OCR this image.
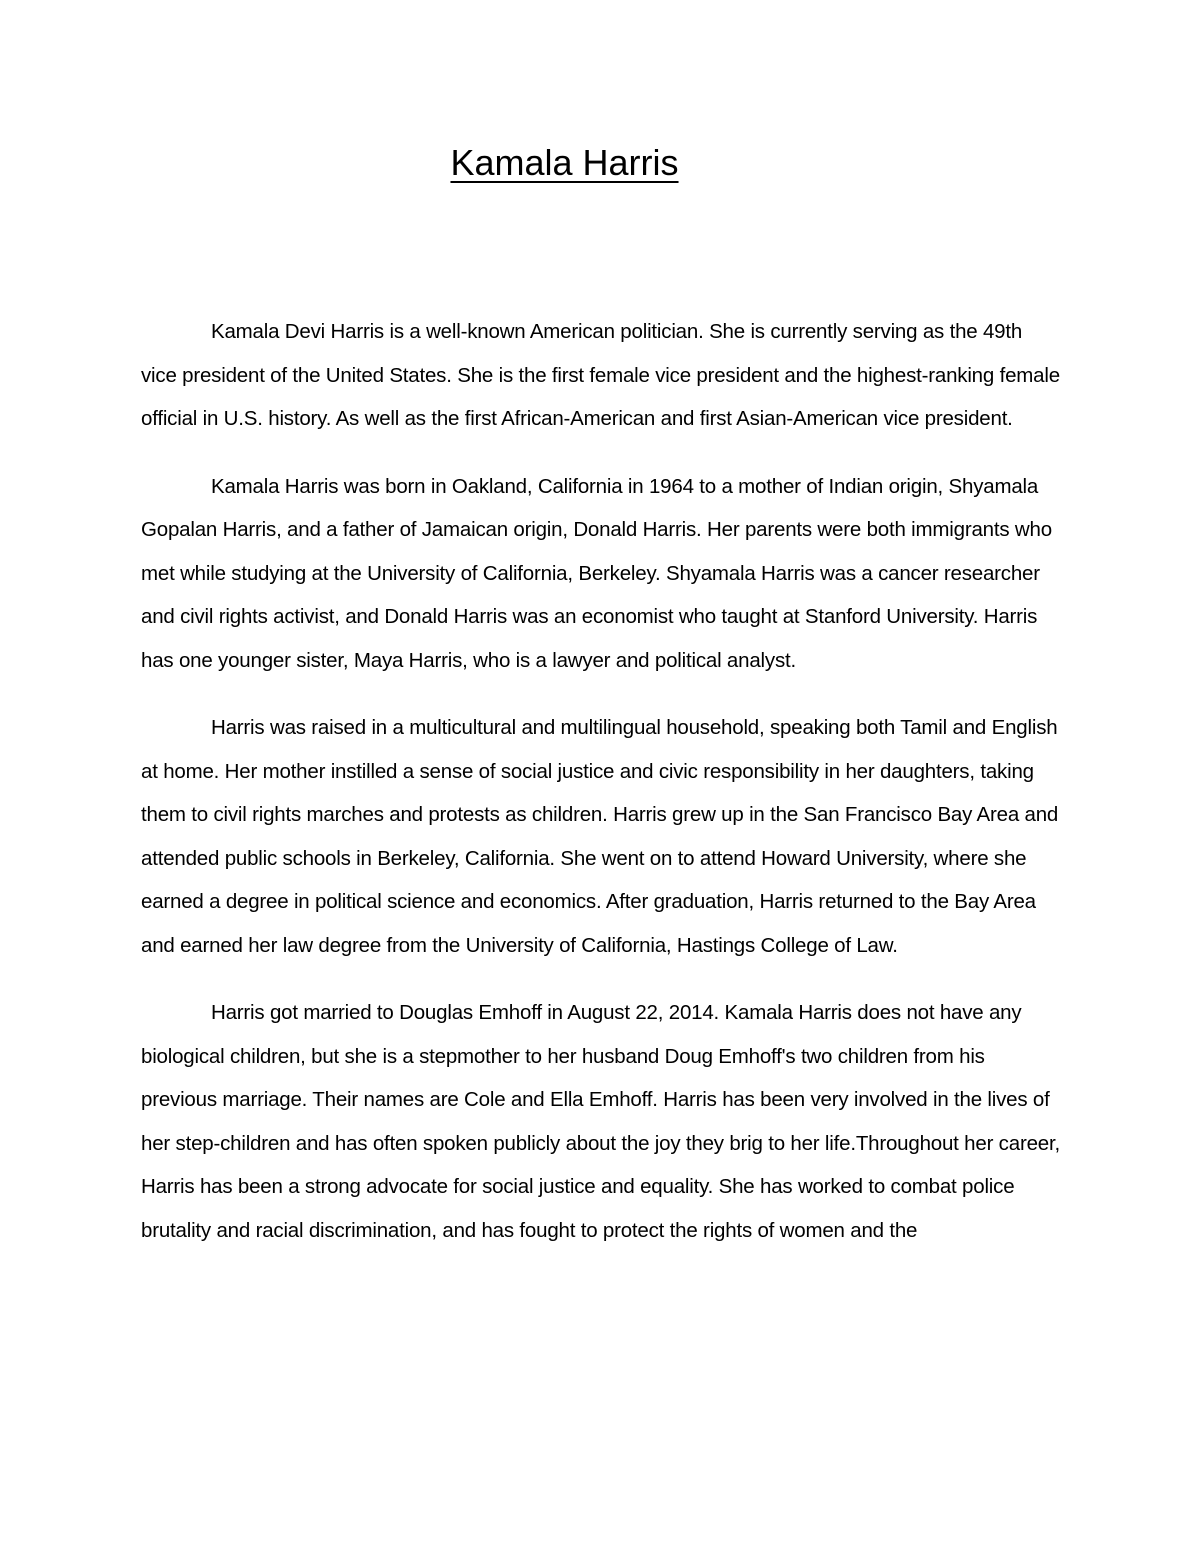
Kamala Harris

Kamala Devi Harris is a well-known American politician. She is currently serving as the 49th vice president of the United States. She is the first female vice president and the highest-ranking female official in U.S. history. As well as the first African-American and first Asian-American vice president.

Kamala Harris was born in Oakland, California in 1964 to a mother of Indian origin, Shyamala Gopalan Harris, and a father of Jamaican origin, Donald Harris. Her parents were both immigrants who met while studying at the University of California, Berkeley. Shyamala Harris was a cancer researcher and civil rights activist, and Donald Harris was an economist who taught at Stanford University. Harris has one younger sister, Maya Harris, who is a lawyer and political analyst.

Harris was raised in a multicultural and multilingual household, speaking both Tamil and English at home. Her mother instilled a sense of social justice and civic responsibility in her daughters, taking them to civil rights marches and protests as children. Harris grew up in the San Francisco Bay Area and attended public schools in Berkeley, California. She went on to attend Howard University, where she earned a degree in political science and economics. After graduation, Harris returned to the Bay Area and earned her law degree from the University of California, Hastings College of Law.

Harris got married to Douglas Emhoff in August 22, 2014. Kamala Harris does not have any biological children, but she is a stepmother to her husband Doug Emhoff's two children from his previous marriage. Their names are Cole and Ella Emhoff. Harris has been very involved in the lives of her step-children and has often spoken publicly about the joy they brig to her life.Throughout her career, Harris has been a strong advocate for social justice and equality. She has worked to combat police brutality and racial discrimination, and has fought to protect the rights of women and the
